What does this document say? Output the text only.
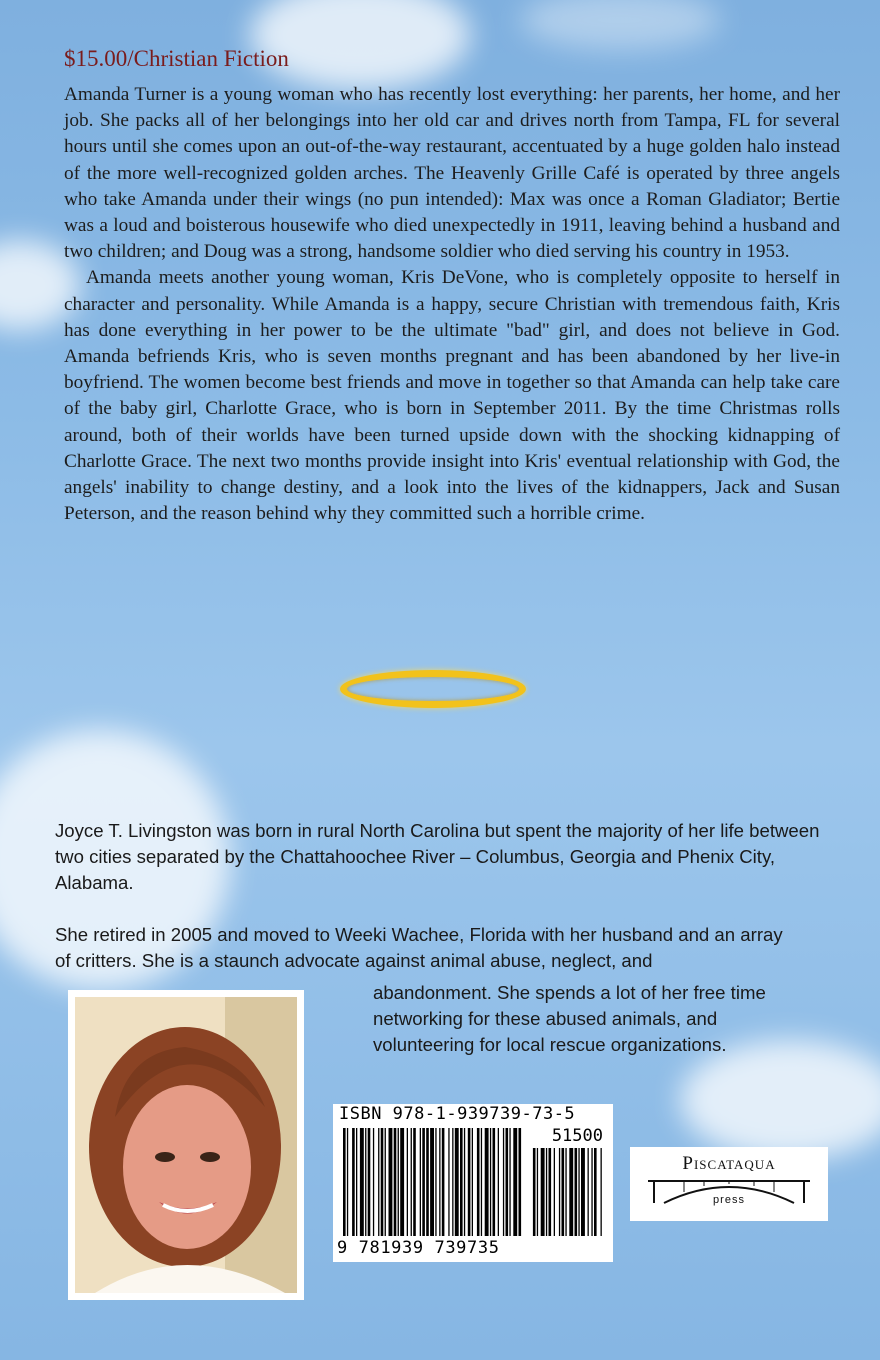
$15.00/Christian Fiction

Amanda Turner is a young woman who has recently lost everything: her parents, her home, and her job. She packs all of her belongings into her old car and drives north from Tampa, FL for several hours until she comes upon an out-of-the-way restaurant, accentuated by a huge golden halo instead of the more well-recognized golden arches. The Heavenly Grille Café is operated by three angels who take Amanda under their wings (no pun intended): Max was once a Roman Gladiator; Bertie was a loud and boisterous housewife who died unexpectedly in 1911, leaving behind a husband and two children; and Doug was a strong, handsome soldier who died serving his country in 1953.

Amanda meets another young woman, Kris DeVone, who is completely opposite to herself in character and personality. While Amanda is a happy, secure Christian with tremendous faith, Kris has done everything in her power to be the ultimate "bad" girl, and does not believe in God. Amanda befriends Kris, who is seven months pregnant and has been abandoned by her live-in boyfriend. The women become best friends and move in together so that Amanda can help take care of the baby girl, Charlotte Grace, who is born in September 2011. By the time Christmas rolls around, both of their worlds have been turned upside down with the shocking kidnapping of Charlotte Grace. The next two months provide insight into Kris' eventual relationship with God, the angels' inability to change destiny, and a look into the lives of the kidnappers, Jack and Susan Peterson, and the reason behind why they committed such a horrible crime.

Joyce T. Livingston was born in rural North Carolina but spent the majority of her life between two cities separated by the Chattahoochee River – Columbus, Georgia and Phenix City, Alabama.

She retired in 2005 and moved to Weeki Wachee, Florida with her husband and an array of critters. She is a staunch advocate against animal abuse, neglect, and

abandonment. She spends a lot of her free time networking for these abused animals, and volunteering for local rescue organizations.
ISBN 978-1-939739-73-5
51500
9 781939 739735
Piscataqua
press
